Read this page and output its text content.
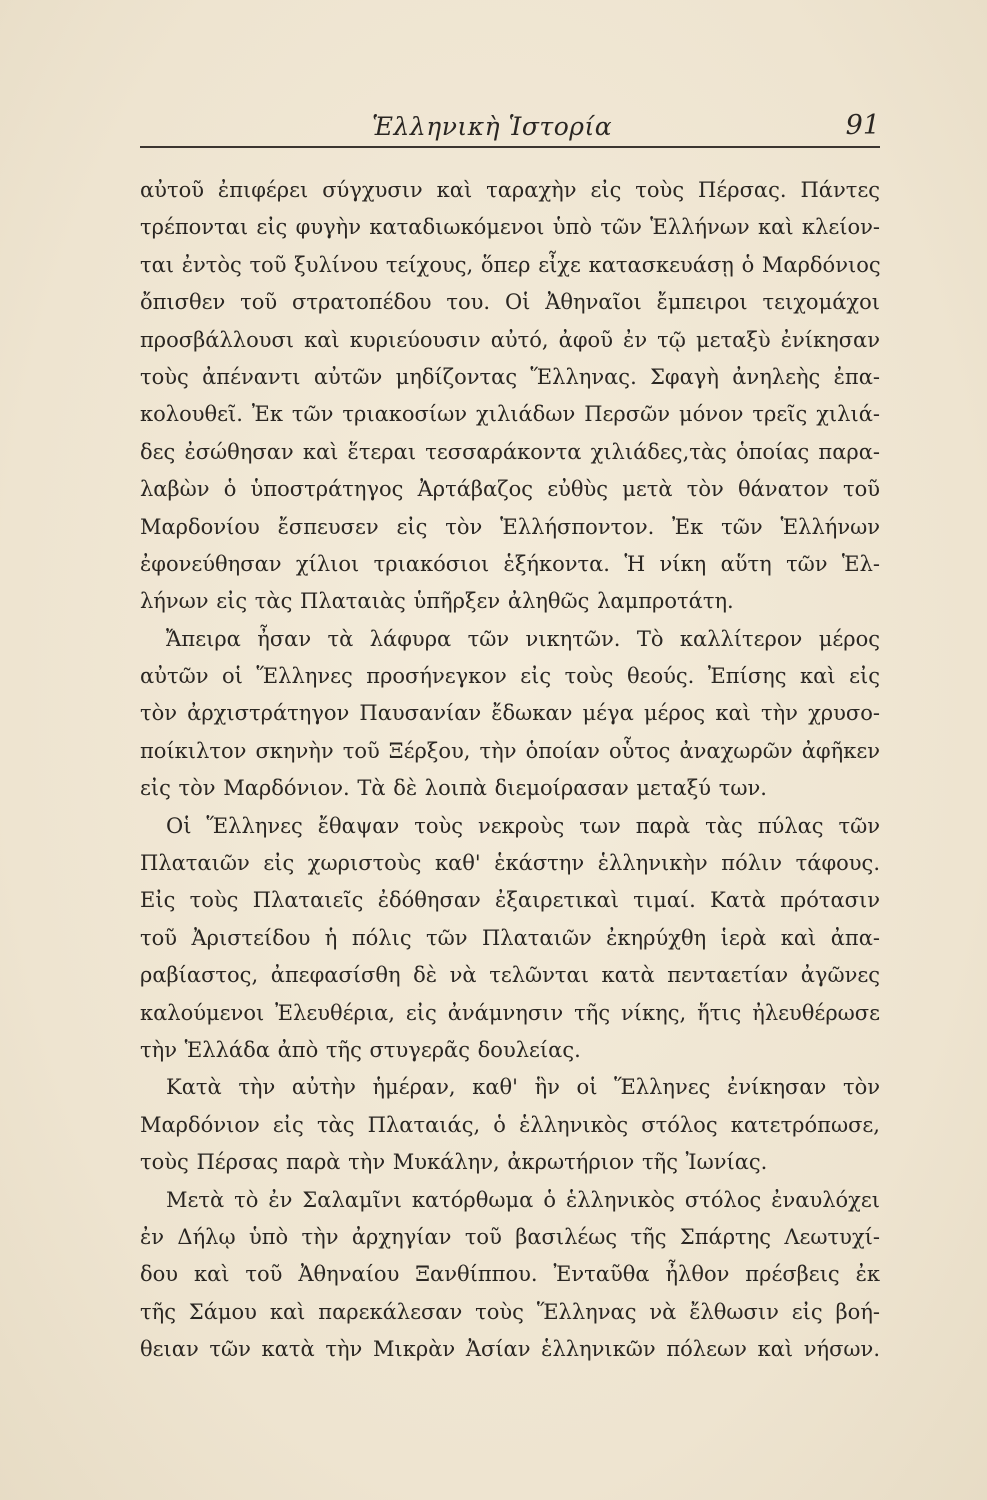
Ἑλληνικὴ Ἱστορία	91
αὐτοῦ ἐπιφέρει σύγχυσιν καὶ ταραχὴν εἰς τοὺς Πέρσας. Πάντες
τρέπονται εἰς φυγὴν καταδιωκόμενοι ὑπὸ τῶν Ἑλλήνων καὶ κλείον-
ται ἐντὸς τοῦ ξυλίνου τείχους, ὅπερ εἶχε κατασκευάσῃ ὁ Μαρδόνιος
ὄπισθεν τοῦ στρατοπέδου του. Οἱ Ἀθηναῖοι ἔμπειροι τειχομάχοι
προσβάλλουσι καὶ κυριεύουσιν αὐτό, ἀφοῦ ἐν τῷ μεταξὺ ἐνίκησαν
τοὺς ἀπέναντι αὐτῶν μηδίζοντας Ἕλληνας. Σφαγὴ ἀνηλεὴς ἐπα-
κολουθεῖ. Ἐκ τῶν τριακοσίων χιλιάδων Περσῶν μόνον τρεῖς χιλιά-
δες ἐσώθησαν καὶ ἕτεραι τεσσαράκοντα χιλιάδες,τὰς ὁποίας παρα-
λαβὼν ὁ ὑποστράτηγος Ἀρτάβαζος εὐθὺς μετὰ τὸν θάνατον τοῦ
Μαρδονίου ἔσπευσεν εἰς τὸν Ἑλλήσποντον. Ἐκ τῶν Ἑλλήνων
ἐφονεύθησαν χίλιοι τριακόσιοι ἑξήκοντα. Ἡ νίκη αὕτη τῶν Ἑλ-
λήνων εἰς τὰς Πλαταιὰς ὑπῆρξεν ἀληθῶς λαμπροτάτη.
Ἄπειρα ἦσαν τὰ λάφυρα τῶν νικητῶν. Τὸ καλλίτερον μέρος
αὐτῶν οἱ Ἕλληνες προσήνεγκον εἰς τοὺς θεούς. Ἐπίσης καὶ εἰς
τὸν ἀρχιστράτηγον Παυσανίαν ἔδωκαν μέγα μέρος καὶ τὴν χρυσο-
ποίκιλτον σκηνὴν τοῦ Ξέρξου, τὴν ὁποίαν οὗτος ἀναχωρῶν ἀφῆκεν
εἰς τὸν Μαρδόνιον. Τὰ δὲ λοιπὰ διεμοίρασαν μεταξύ των.
Οἱ Ἕλληνες ἔθαψαν τοὺς νεκροὺς των παρὰ τὰς πύλας τῶν
Πλαταιῶν εἰς χωριστοὺς καθ' ἑκάστην ἑλληνικὴν πόλιν τάφους.
Εἰς τοὺς Πλαταιεῖς ἐδόθησαν ἐξαιρετικαὶ τιμαί. Κατὰ πρότασιν
τοῦ Ἀριστείδου ἡ πόλις τῶν Πλαταιῶν ἐκηρύχθη ἱερὰ καὶ ἀπα-
ραβίαστος, ἀπεφασίσθη δὲ νὰ τελῶνται κατὰ πενταετίαν ἀγῶνες
καλούμενοι Ἐλευθέρια, εἰς ἀνάμνησιν τῆς νίκης, ἥτις ἠλευθέρωσε
τὴν Ἑλλάδα ἀπὸ τῆς στυγερᾶς δουλείας.
Κατὰ τὴν αὐτὴν ἡμέραν, καθ' ἣν οἱ Ἕλληνες ἐνίκησαν τὸν
Μαρδόνιον εἰς τὰς Πλαταιάς, ὁ ἑλληνικὸς στόλος κατετρόπωσε,
τοὺς Πέρσας παρὰ τὴν Μυκάλην, ἀκρωτήριον τῆς Ἰωνίας.
Μετὰ τὸ ἐν Σαλαμῖνι κατόρθωμα ὁ ἑλληνικὸς στόλος ἐναυλόχει
ἐν Δήλῳ ὑπὸ τὴν ἀρχηγίαν τοῦ βασιλέως τῆς Σπάρτης Λεωτυχί-
δου καὶ τοῦ Ἀθηναίου Ξανθίππου. Ἐνταῦθα ἦλθον πρέσβεις ἐκ
τῆς Σάμου καὶ παρεκάλεσαν τοὺς Ἕλληνας νὰ ἔλθωσιν εἰς βοή-
θειαν τῶν κατὰ τὴν Μικρὰν Ἀσίαν ἑλληνικῶν πόλεων καὶ νήσων.
